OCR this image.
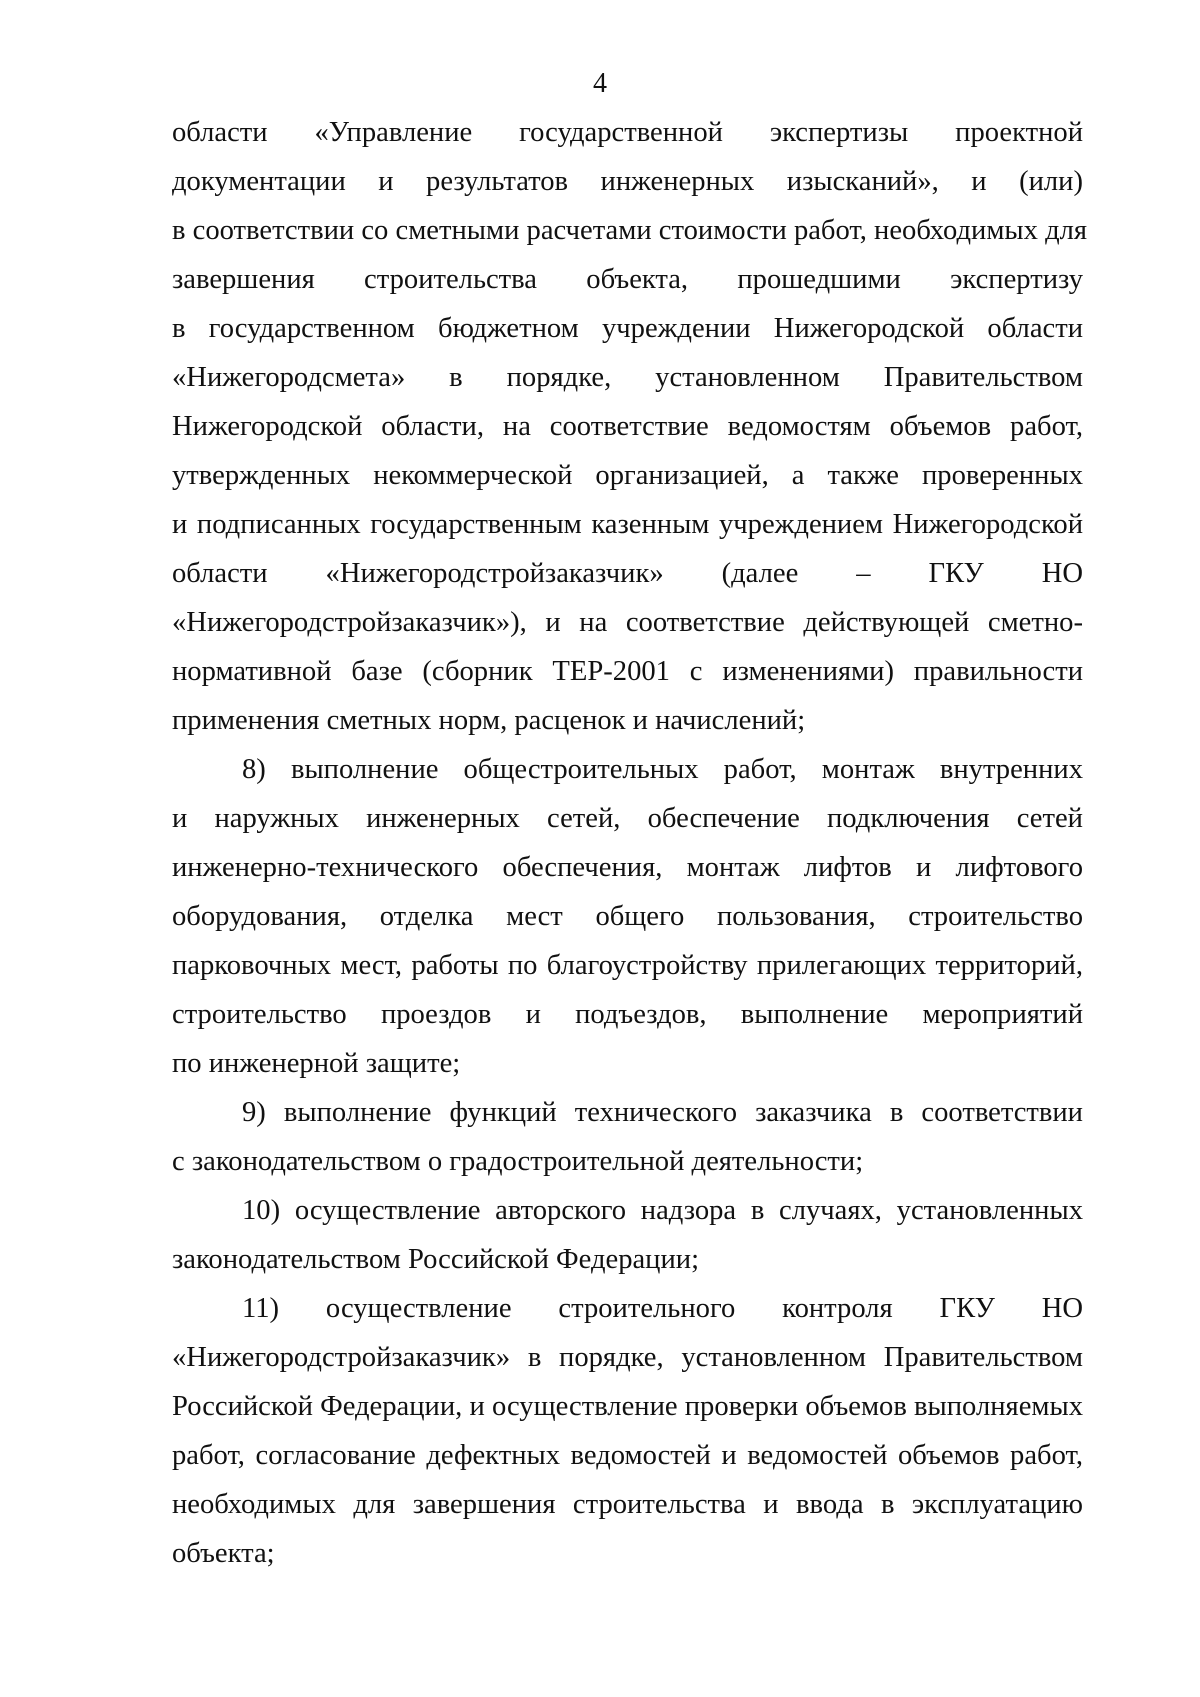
4
области «Управление государственной экспертизы проектной
документации и результатов инженерных изысканий», и (или)
в соответствии со сметными расчетами стоимости работ, необходимых для
завершения строительства объекта, прошедшими экспертизу
в государственном бюджетном учреждении Нижегородской области
«Нижегородсмета» в порядке, установленном Правительством
Нижегородской области, на соответствие ведомостям объемов работ,
утвержденных некоммерческой организацией, а также проверенных
и подписанных государственным казенным учреждением Нижегородской
области «Нижегородстройзаказчик» (далее – ГКУ НО
«Нижегородстройзаказчик»), и на соответствие действующей сметно-
нормативной базе (сборник ТЕР-2001 с изменениями) правильности
применения сметных норм, расценок и начислений;
8) выполнение общестроительных работ, монтаж внутренних
и наружных инженерных сетей, обеспечение подключения сетей
инженерно-технического обеспечения, монтаж лифтов и лифтового
оборудования, отделка мест общего пользования, строительство
парковочных мест, работы по благоустройству прилегающих территорий,
строительство проездов и подъездов, выполнение мероприятий
по инженерной защите;
9) выполнение функций технического заказчика в соответствии
с законодательством о градостроительной деятельности;
10) осуществление авторского надзора в случаях, установленных
законодательством Российской Федерации;
11) осуществление строительного контроля ГКУ НО
«Нижегородстройзаказчик» в порядке, установленном Правительством
Российской Федерации, и осуществление проверки объемов выполняемых
работ, согласование дефектных ведомостей и ведомостей объемов работ,
необходимых для завершения строительства и ввода в эксплуатацию
объекта;
